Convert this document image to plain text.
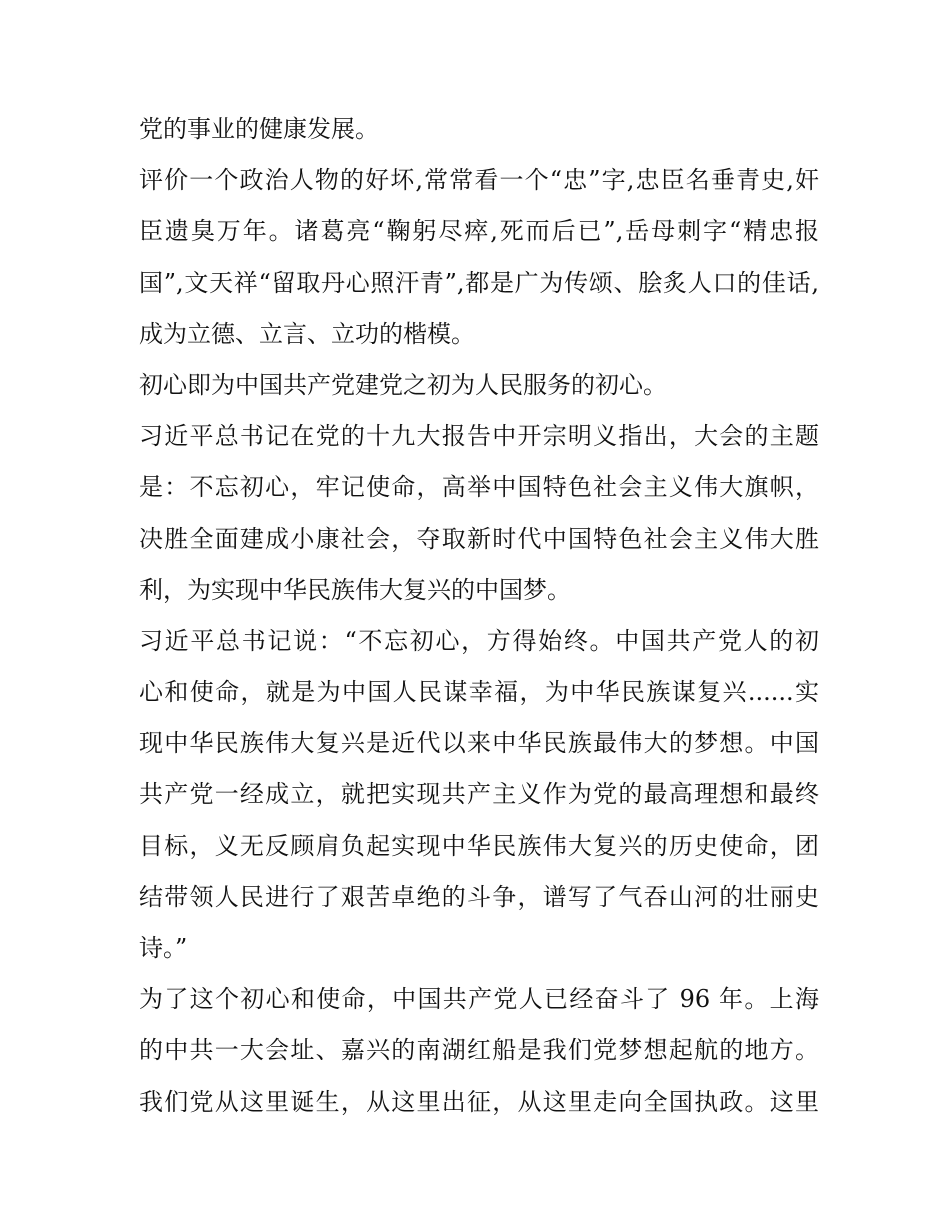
党的事业的健康发展。
评价一个政治人物的好坏,常常看一个“忠”字,忠臣名垂青史,奸
臣遗臭万年。诸葛亮“鞠躬尽瘁,死而后已”,岳母刺字“精忠报
国”,文天祥“留取丹心照汗青”,都是广为传颂、脍炙人口的佳话,
成为立德、立言、立功的楷模。
初心即为中国共产党建党之初为人民服务的初心。
习近平总书记在党的十九大报告中开宗明义指出，大会的主题
是：不忘初心，牢记使命，高举中国特色社会主义伟大旗帜，
决胜全面建成小康社会，夺取新时代中国特色社会主义伟大胜
利，为实现中华民族伟大复兴的中国梦。
习近平总书记说：“不忘初心，方得始终。中国共产党人的初
心和使命，就是为中国人民谋幸福，为中华民族谋复兴......实
现中华民族伟大复兴是近代以来中华民族最伟大的梦想。中国
共产党一经成立，就把实现共产主义作为党的最高理想和最终
目标，义无反顾肩负起实现中华民族伟大复兴的历史使命，团
结带领人民进行了艰苦卓绝的斗争，谱写了气吞山河的壮丽史
诗。”
为了这个初心和使命，中国共产党人已经奋斗了 96 年。上海
的中共一大会址、嘉兴的南湖红船是我们党梦想起航的地方。
我们党从这里诞生，从这里出征，从这里走向全国执政。这里
